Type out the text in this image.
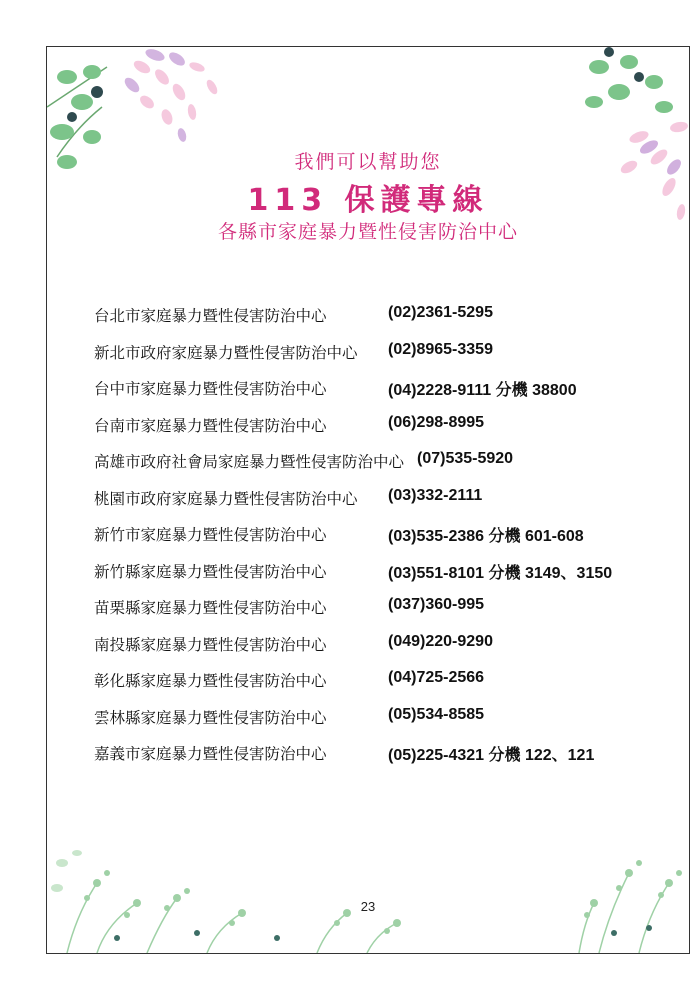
我們可以幫助您
113 保護專線
各縣市家庭暴力暨性侵害防治中心
台北市家庭暴力暨性侵害防治中心	(02)2361-5295
新北市政府家庭暴力暨性侵害防治中心 (02)8965-3359
台中市家庭暴力暨性侵害防治中心	(04)2228-9111 分機 38800
台南市家庭暴力暨性侵害防治中心	(06)298-8995
高雄市政府社會局家庭暴力暨性侵害防治中心 (07)535-5920
桃園市政府家庭暴力暨性侵害防治中心 (03)332-2111
新竹市家庭暴力暨性侵害防治中心	(03)535-2386 分機 601-608
新竹縣家庭暴力暨性侵害防治中心	(03)551-8101 分機 3149、3150
苗栗縣家庭暴力暨性侵害防治中心	(037)360-995
南投縣家庭暴力暨性侵害防治中心	(049)220-9290
彰化縣家庭暴力暨性侵害防治中心	(04)725-2566
雲林縣家庭暴力暨性侵害防治中心	(05)534-8585
嘉義市家庭暴力暨性侵害防治中心	(05)225-4321 分機 122、121
23
